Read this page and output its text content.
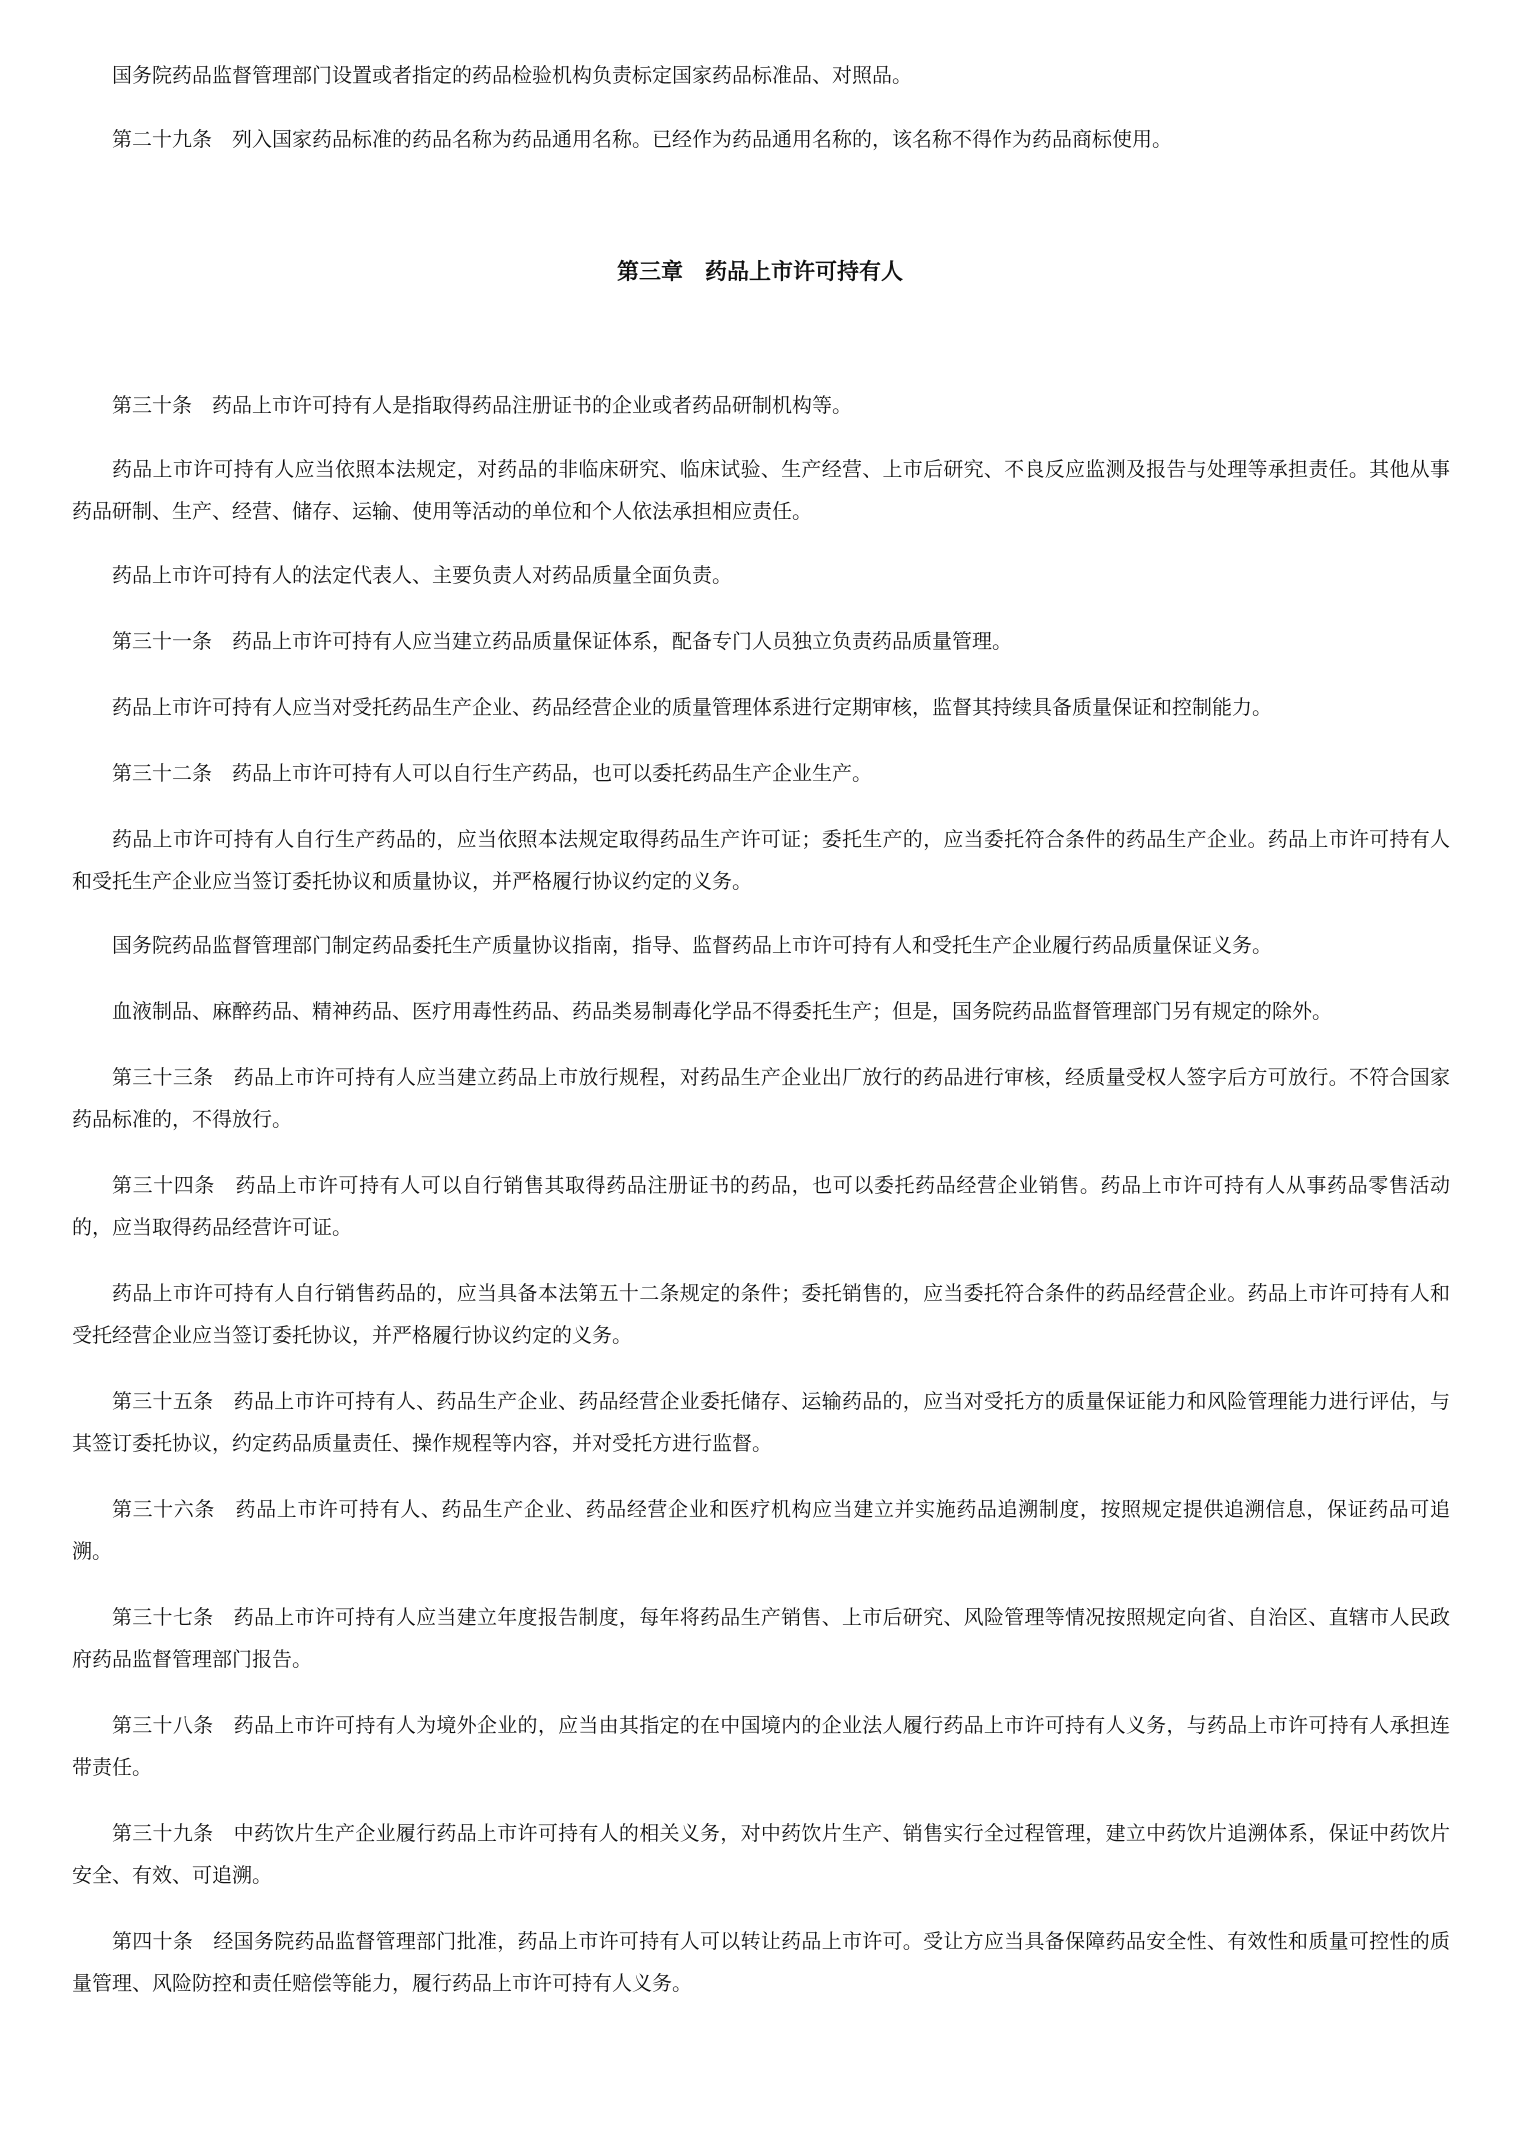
国务院药品监督管理部门设置或者指定的药品检验机构负责标定国家药品标准品、对照品。

第二十九条　列入国家药品标准的药品名称为药品通用名称。已经作为药品通用名称的，该名称不得作为药品商标使用。

第三章　药品上市许可持有人

第三十条　药品上市许可持有人是指取得药品注册证书的企业或者药品研制机构等。

药品上市许可持有人应当依照本法规定，对药品的非临床研究、临床试验、生产经营、上市后研究、不良反应监测及报告与处理等承担责任。其他从事药品研制、生产、经营、储存、运输、使用等活动的单位和个人依法承担相应责任。

药品上市许可持有人的法定代表人、主要负责人对药品质量全面负责。

第三十一条　药品上市许可持有人应当建立药品质量保证体系，配备专门人员独立负责药品质量管理。

药品上市许可持有人应当对受托药品生产企业、药品经营企业的质量管理体系进行定期审核，监督其持续具备质量保证和控制能力。

第三十二条　药品上市许可持有人可以自行生产药品，也可以委托药品生产企业生产。

药品上市许可持有人自行生产药品的，应当依照本法规定取得药品生产许可证；委托生产的，应当委托符合条件的药品生产企业。药品上市许可持有人和受托生产企业应当签订委托协议和质量协议，并严格履行协议约定的义务。

国务院药品监督管理部门制定药品委托生产质量协议指南，指导、监督药品上市许可持有人和受托生产企业履行药品质量保证义务。

血液制品、麻醉药品、精神药品、医疗用毒性药品、药品类易制毒化学品不得委托生产；但是，国务院药品监督管理部门另有规定的除外。

第三十三条　药品上市许可持有人应当建立药品上市放行规程，对药品生产企业出厂放行的药品进行审核，经质量受权人签字后方可放行。不符合国家药品标准的，不得放行。

第三十四条　药品上市许可持有人可以自行销售其取得药品注册证书的药品，也可以委托药品经营企业销售。药品上市许可持有人从事药品零售活动的，应当取得药品经营许可证。

药品上市许可持有人自行销售药品的，应当具备本法第五十二条规定的条件；委托销售的，应当委托符合条件的药品经营企业。药品上市许可持有人和受托经营企业应当签订委托协议，并严格履行协议约定的义务。

第三十五条　药品上市许可持有人、药品生产企业、药品经营企业委托储存、运输药品的，应当对受托方的质量保证能力和风险管理能力进行评估，与其签订委托协议，约定药品质量责任、操作规程等内容，并对受托方进行监督。

第三十六条　药品上市许可持有人、药品生产企业、药品经营企业和医疗机构应当建立并实施药品追溯制度，按照规定提供追溯信息，保证药品可追溯。

第三十七条　药品上市许可持有人应当建立年度报告制度，每年将药品生产销售、上市后研究、风险管理等情况按照规定向省、自治区、直辖市人民政府药品监督管理部门报告。

第三十八条　药品上市许可持有人为境外企业的，应当由其指定的在中国境内的企业法人履行药品上市许可持有人义务，与药品上市许可持有人承担连带责任。

第三十九条　中药饮片生产企业履行药品上市许可持有人的相关义务，对中药饮片生产、销售实行全过程管理，建立中药饮片追溯体系，保证中药饮片安全、有效、可追溯。

第四十条　经国务院药品监督管理部门批准，药品上市许可持有人可以转让药品上市许可。受让方应当具备保障药品安全性、有效性和质量可控性的质量管理、风险防控和责任赔偿等能力，履行药品上市许可持有人义务。
